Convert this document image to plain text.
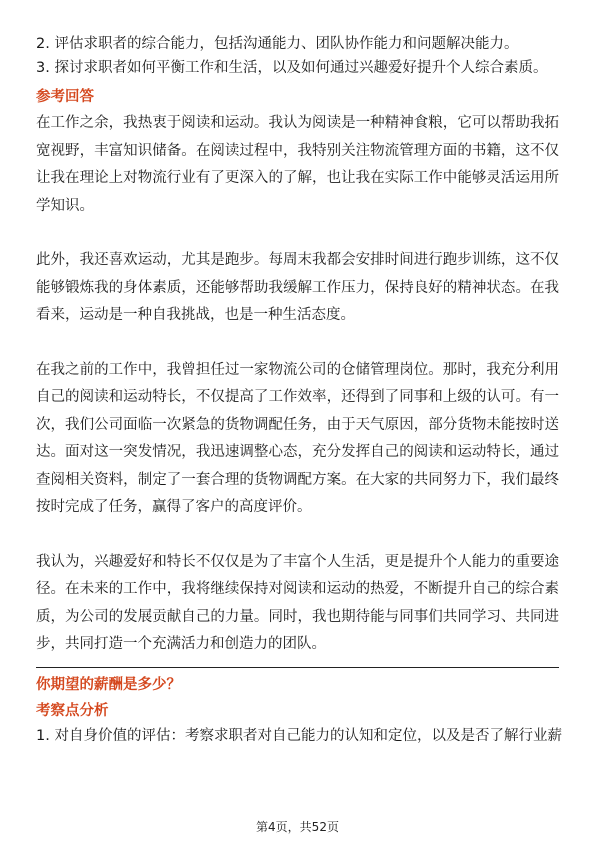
2. 评估求职者的综合能力，包括沟通能力、团队协作能力和问题解决能力。

3. 探讨求职者如何平衡工作和生活，以及如何通过兴趣爱好提升个人综合素质。

参考回答

在工作之余，我热衷于阅读和运动。我认为阅读是一种精神食粮，它可以帮助我拓宽视野，丰富知识储备。在阅读过程中，我特别关注物流管理方面的书籍，这不仅让我在理论上对物流行业有了更深入的了解，也让我在实际工作中能够灵活运用所学知识。

此外，我还喜欢运动，尤其是跑步。每周末我都会安排时间进行跑步训练，这不仅能够锻炼我的身体素质，还能够帮助我缓解工作压力，保持良好的精神状态。在我看来，运动是一种自我挑战，也是一种生活态度。

在我之前的工作中，我曾担任过一家物流公司的仓储管理岗位。那时，我充分利用自己的阅读和运动特长，不仅提高了工作效率，还得到了同事和上级的认可。有一次，我们公司面临一次紧急的货物调配任务，由于天气原因，部分货物未能按时送达。面对这一突发情况，我迅速调整心态，充分发挥自己的阅读和运动特长，通过查阅相关资料，制定了一套合理的货物调配方案。在大家的共同努力下，我们最终按时完成了任务，赢得了客户的高度评价。

我认为，兴趣爱好和特长不仅仅是为了丰富个人生活，更是提升个人能力的重要途径。在未来的工作中，我将继续保持对阅读和运动的热爱，不断提升自己的综合素质，为公司的发展贡献自己的力量。同时，我也期待能与同事们共同学习、共同进步，共同打造一个充满活力和创造力的团队。

你期望的薪酬是多少？

考察点分析

1. 对自身价值的评估：考察求职者对自己能力的认知和定位，以及是否了解行业薪

第4页，共52页
